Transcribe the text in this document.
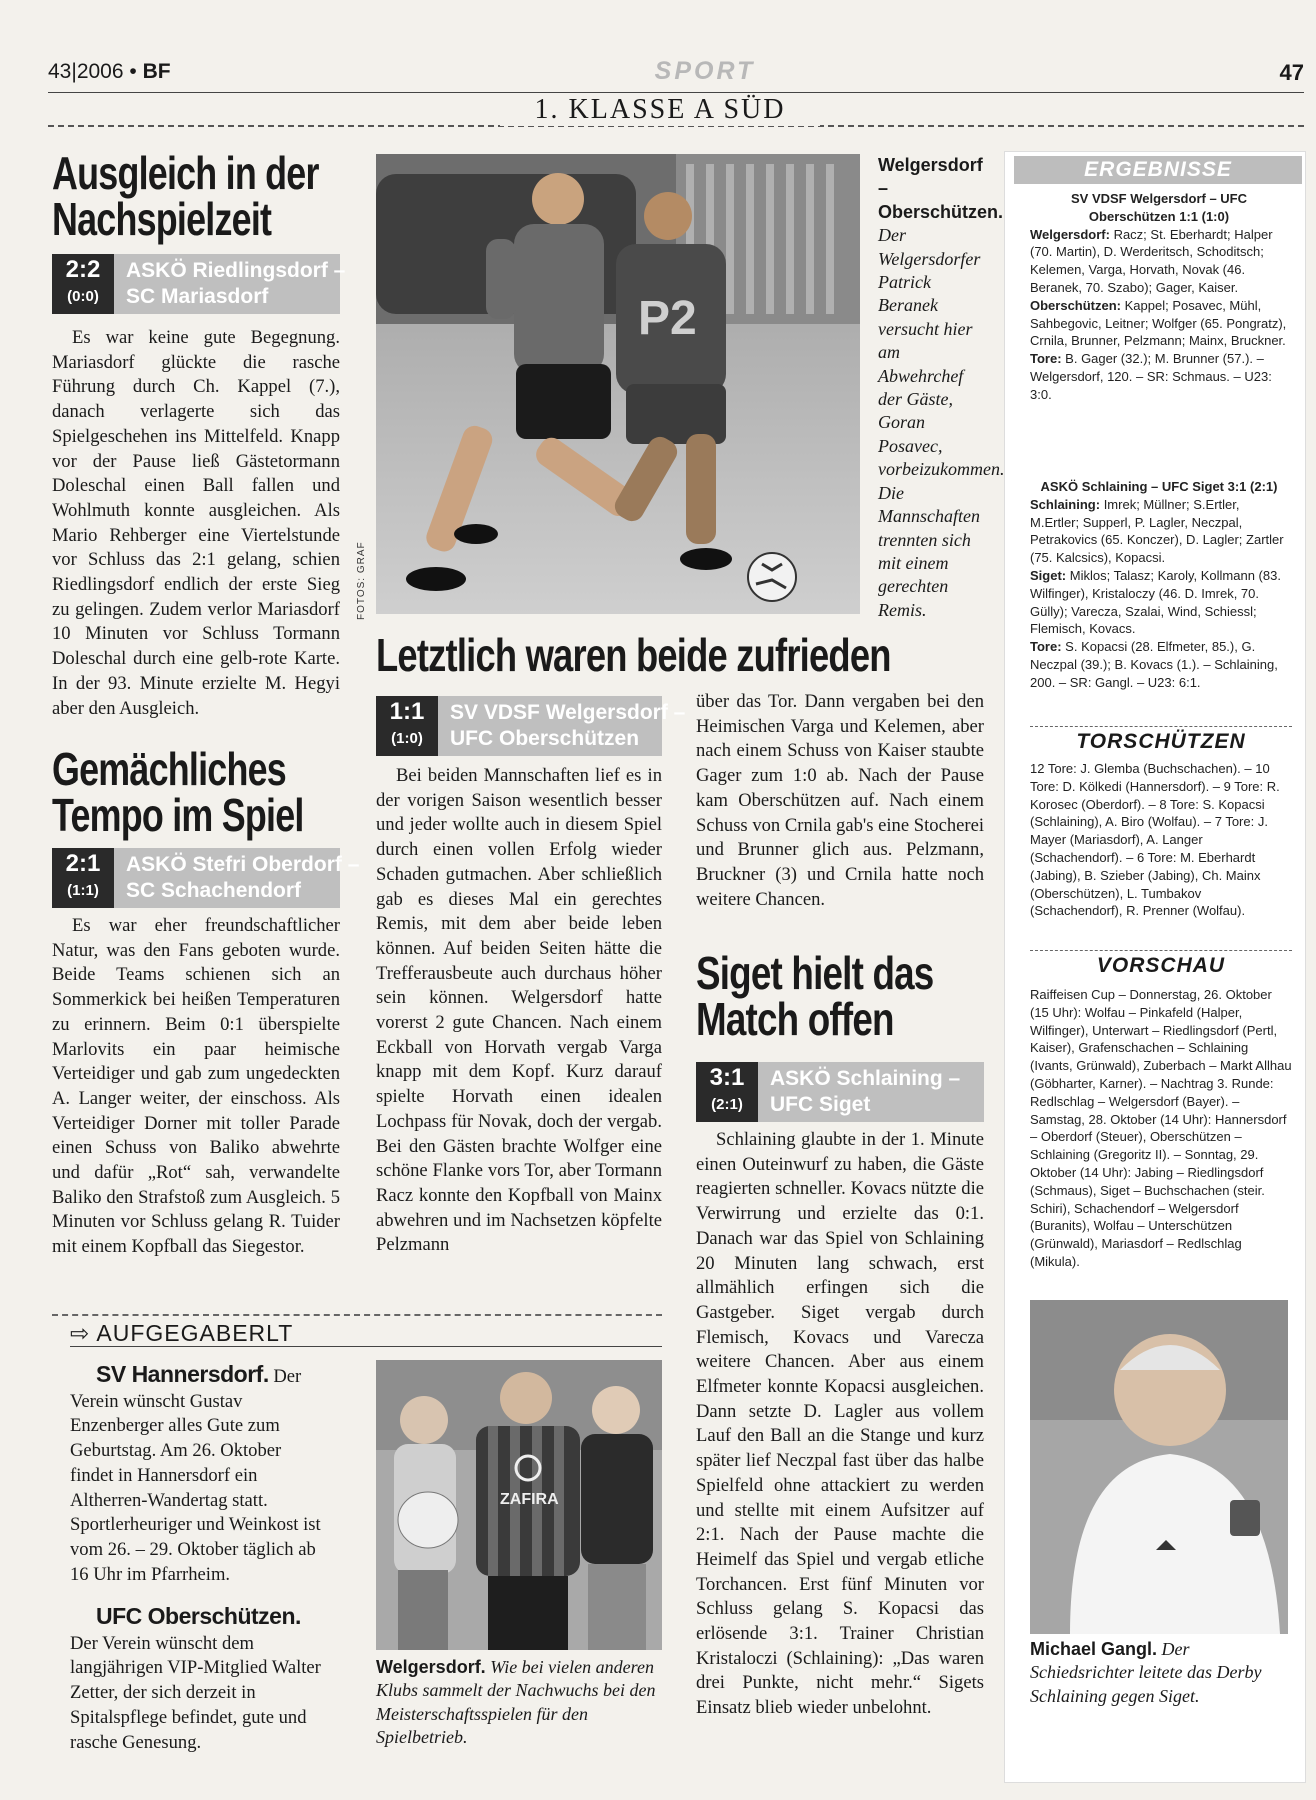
43|2006 • BF	SPORT	47
1. KLASSE A SÜD
Ausgleich in der Nachspielzeit
2:2
(0:0)
ASKÖ Riedlingsdorf –
SC Mariasdorf
Es war keine gute Begegnung. Mariasdorf glückte die rasche Führung durch Ch. Kappel (7.), danach verlagerte sich das Spielgeschehen ins Mittelfeld. Knapp vor der Pause ließ Gästetormann Doleschal einen Ball fallen und Wohlmuth konnte ausgleichen. Als Mario Rehberger eine Viertelstunde vor Schluss das 2:1 gelang, schien Riedlingsdorf endlich der erste Sieg zu gelingen. Zudem verlor Mariasdorf 10 Minuten vor Schluss Tormann Doleschal durch eine gelb-rote Karte. In der 93. Minute erzielte M. Hegyi aber den Ausgleich.
Gemächliches Tempo im Spiel
2:1
(1:1)
ASKÖ Stefri Oberdorf –
SC Schachendorf
Es war eher freundschaftlicher Natur, was den Fans geboten wurde. Beide Teams schienen sich an Sommerkick bei heißen Temperaturen zu erinnern. Beim 0:1 überspielte Marlovits ein paar heimische Verteidiger und gab zum ungedeckten A. Langer weiter, der einschoss. Als Verteidiger Dorner mit toller Parade einen Schuss von Baliko abwehrte und dafür „Rot“ sah, verwandelte Baliko den Strafstoß zum Ausgleich. 5 Minuten vor Schluss gelang R. Tuider mit einem Kopfball das Siegestor.
P2
FOTOS: GRAF
Welgersdorf – Oberschützen. Der Welgersdorfer Patrick Beranek versucht hier am Abwehrchef der Gäste, Goran Posavec, vorbeizukommen. Die Mannschaften trennten sich mit einem gerechten Remis.
Letztlich waren beide zufrieden
1:1
(1:0)
SV VDSF Welgersdorf –
UFC Oberschützen
Bei beiden Mannschaften lief es in der vorigen Saison wesentlich besser und jeder wollte auch in diesem Spiel durch einen vollen Erfolg wieder Schaden gutmachen. Aber schließlich gab es dieses Mal ein gerechtes Remis, mit dem aber beide leben können. Auf beiden Seiten hätte die Trefferausbeute auch durchaus höher sein können. Welgersdorf hatte vorerst 2 gute Chancen. Nach einem Eckball von Horvath vergab Varga knapp mit dem Kopf. Kurz darauf spielte Horvath einen idealen Lochpass für Novak, doch der vergab. Bei den Gästen brachte Wolfger eine schöne Flanke vors Tor, aber Tormann Racz konnte den Kopfball von Mainx abwehren und im Nachsetzen köpfelte Pelzmann
über das Tor. Dann vergaben bei den Heimischen Varga und Kelemen, aber nach einem Schuss von Kaiser staubte Gager zum 1:0 ab. Nach der Pause kam Oberschützen auf. Nach einem Schuss von Crnila gab's eine Stocherei und Brunner glich aus. Pelzmann, Bruckner (3) und Crnila hatte noch weitere Chancen.
Siget hielt das Match offen
3:1
(2:1)
ASKÖ Schlaining –
UFC Siget
Schlaining glaubte in der 1. Minute einen Outeinwurf zu haben, die Gäste reagierten schneller. Kovacs nützte die Verwirrung und erzielte das 0:1. Danach war das Spiel von Schlaining 20 Minuten lang schwach, erst allmählich erfingen sich die Gastgeber. Siget vergab durch Flemisch, Kovacs und Varecza weitere Chancen. Aber aus einem Elfmeter konnte Kopacsi ausgleichen. Dann setzte D. Lagler aus vollem Lauf den Ball an die Stange und kurz später lief Neczpal fast über das halbe Spielfeld ohne attackiert zu werden und stellte mit einem Aufsitzer auf 2:1. Nach der Pause machte die Heimelf das Spiel und vergab etliche Torchancen. Erst fünf Minuten vor Schluss gelang S. Kopacsi das erlösende 3:1. Trainer Christian Kristaloczi (Schlaining): „Das waren drei Punkte, nicht mehr.“ Sigets Einsatz blieb wieder unbelohnt.
⇨ AUFGEGABERLT
SV Hannersdorf. Der Verein wünscht Gustav Enzenberger alles Gute zum Geburtstag. Am 26. Oktober findet in Hannersdorf ein Altherren-Wandertag statt. Sportlerheuriger und Weinkost ist vom 26. – 29. Oktober täglich ab 16 Uhr im Pfarrheim.
UFC Oberschützen. Der Verein wünscht dem langjährigen VIP-Mitglied Walter Zetter, der sich derzeit in Spitalspflege befindet, gute und rasche Genesung.
ZAFIRA
Welgersdorf. Wie bei vielen anderen Klubs sammelt der Nachwuchs bei den Meisterschaftsspielen für den Spielbetrieb.
ERGEBNISSE
SV VDSF Welgersdorf – UFC Oberschützen 1:1 (1:0)
Welgersdorf: Racz; St. Eberhardt; Halper (70. Martin), D. Werderitsch, Schoditsch; Kelemen, Varga, Horvath, Novak (46. Beranek, 70. Szabo); Gager, Kaiser.
Oberschützen: Kappel; Posavec, Mühl, Sahbegovic, Leitner; Wolfger (65. Pongratz), Crnila, Brunner, Pelzmann; Mainx, Bruckner.
Tore: B. Gager (32.); M. Brunner (57.). – Welgersdorf, 120. – SR: Schmaus. – U23: 3:0.
ASKÖ Schlaining – UFC Siget 3:1 (2:1)
Schlaining: Imrek; Müllner; S.Ertler, M.Ertler; Supperl, P. Lagler, Neczpal, Petrakovics (65. Konczer), D. Lagler; Zartler (75. Kalcsics), Kopacsi.
Siget: Miklos; Talasz; Karoly, Kollmann (83. Wilfinger), Kristaloczy (46. D. Imrek, 70. Gülly); Varecza, Szalai, Wind, Schiessl; Flemisch, Kovacs.
Tore: S. Kopacsi (28. Elfmeter, 85.), G. Neczpal (39.); B. Kovacs (1.). – Schlaining, 200. – SR: Gangl. – U23: 6:1.
TORSCHÜTZEN
12 Tore: J. Glemba (Buchschachen). – 10 Tore: D. Kölkedi (Hannersdorf). – 9 Tore: R. Korosec (Oberdorf). – 8 Tore: S. Kopacsi (Schlaining), A. Biro (Wolfau). – 7 Tore: J. Mayer (Mariasdorf), A. Langer (Schachendorf). – 6 Tore: M. Eberhardt (Jabing), B. Szieber (Jabing), Ch. Mainx (Oberschützen), L. Tumbakov (Schachendorf), R. Prenner (Wolfau).
VORSCHAU
Raiffeisen Cup – Donnerstag, 26. Oktober (15 Uhr): Wolfau – Pinkafeld (Halper, Wilfinger), Unterwart – Riedlingsdorf (Pertl, Kaiser), Grafenschachen – Schlaining (Ivants, Grünwald), Zuberbach – Markt Allhau (Göbharter, Karner). – Nachtrag 3. Runde: Redlschlag – Welgersdorf (Bayer). – Samstag, 28. Oktober (14 Uhr): Hannersdorf – Oberdorf (Steuer), Oberschützen – Schlaining (Gregoritz II). – Sonntag, 29. Oktober (14 Uhr): Jabing – Riedlingsdorf (Schmaus), Siget – Buchschachen (steir. Schiri), Schachendorf – Welgersdorf (Buranits), Wolfau – Unterschützen (Grünwald), Mariasdorf – Redlschlag (Mikula).
Michael Gangl. Der Schiedsrichter leitete das Derby Schlaining gegen Siget.
